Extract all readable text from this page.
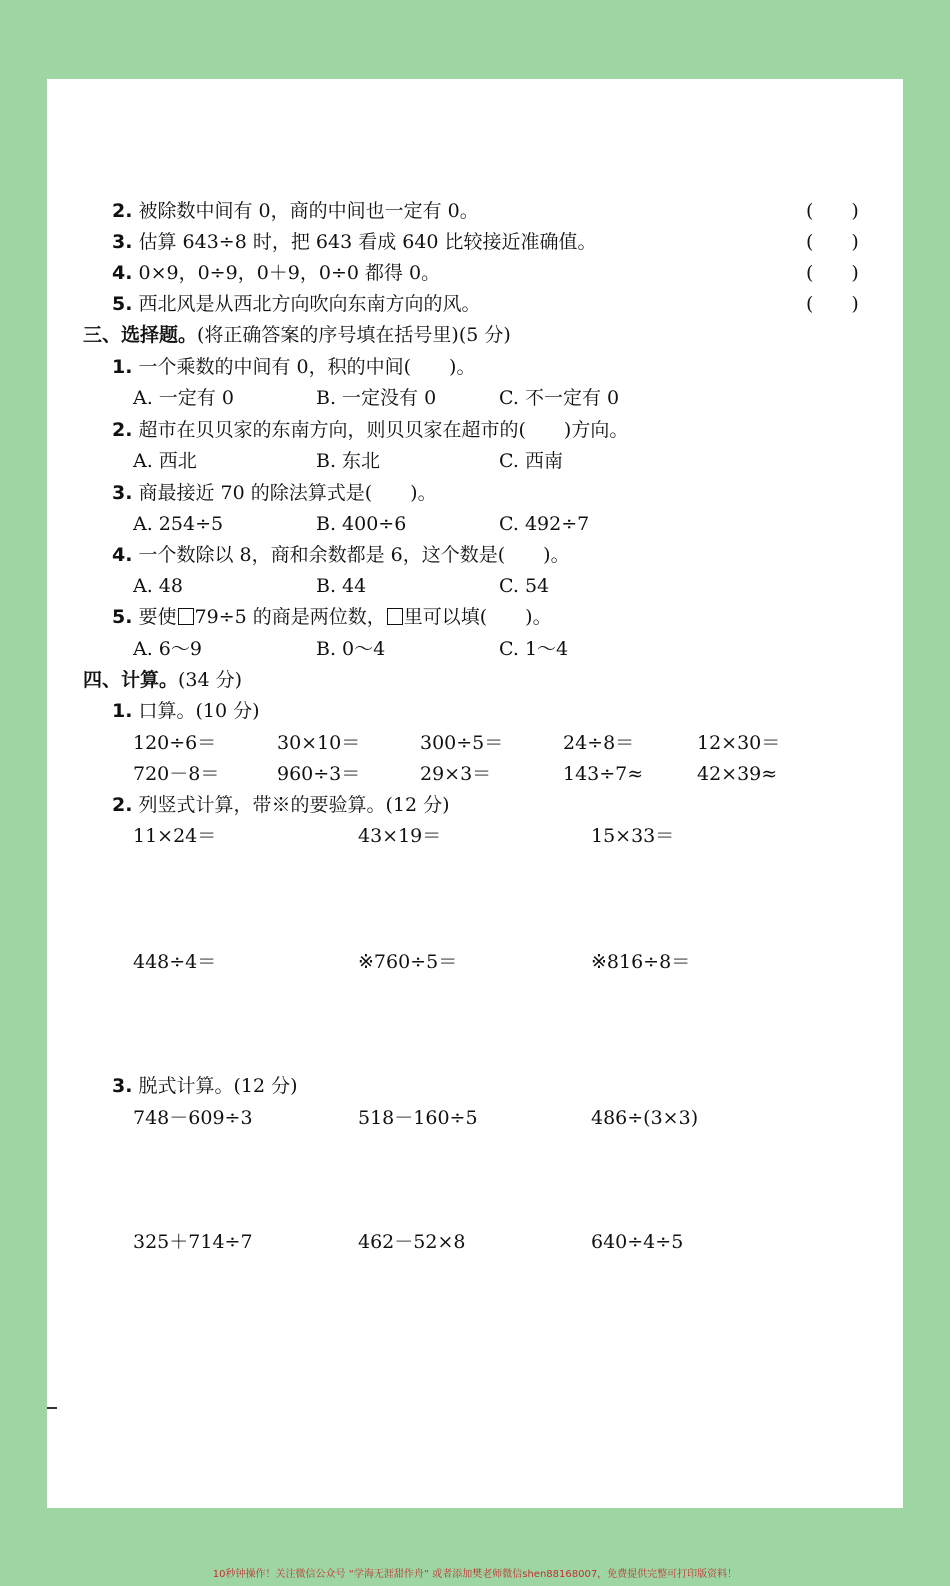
2. 被除数中间有 0，商的中间也一定有 0。	(　　)
3. 估算 643÷8 时，把 643 看成 640 比较接近准确值。	(　　)
4. 0×9，0÷9，0＋9，0÷0 都得 0。	(　　)
5. 西北风是从西北方向吹向东南方向的风。	(　　)
三、选择题。(将正确答案的序号填在括号里)(5 分)
1. 一个乘数的中间有 0，积的中间(　　)。
A. 一定有 0	B. 一定没有 0	C. 不一定有 0
2. 超市在贝贝家的东南方向，则贝贝家在超市的(　　)方向。
A. 西北	B. 东北	C. 西南
3. 商最接近 70 的除法算式是(　　)。
A. 254÷5	B. 400÷6	C. 492÷7
4. 一个数除以 8，商和余数都是 6，这个数是(　　)。
A. 48	B. 44	C. 54
5. 要使 79÷5 的商是两位数， 里可以填(　　)。
A. 6～9	B. 0～4	C. 1～4
四、计算。(34 分)
1. 口算。(10 分)
120÷6＝	30×10＝	300÷5＝	24÷8＝	12×30＝
720－8＝	960÷3＝	29×3＝	143÷7≈	42×39≈
2. 列竖式计算，带※的要验算。(12 分)
11×24＝	43×19＝	15×33＝
448÷4＝	※760÷5＝	※816÷8＝
3. 脱式计算。(12 分)
748－609÷3	518－160÷5	486÷(3×3)
325＋714÷7	462－52×8	640÷4÷5
10秒钟操作！关注微信公众号 “学海无涯甜作舟” 或者添加樊老师微信shen88168007，免费提供完整可打印版资料！
